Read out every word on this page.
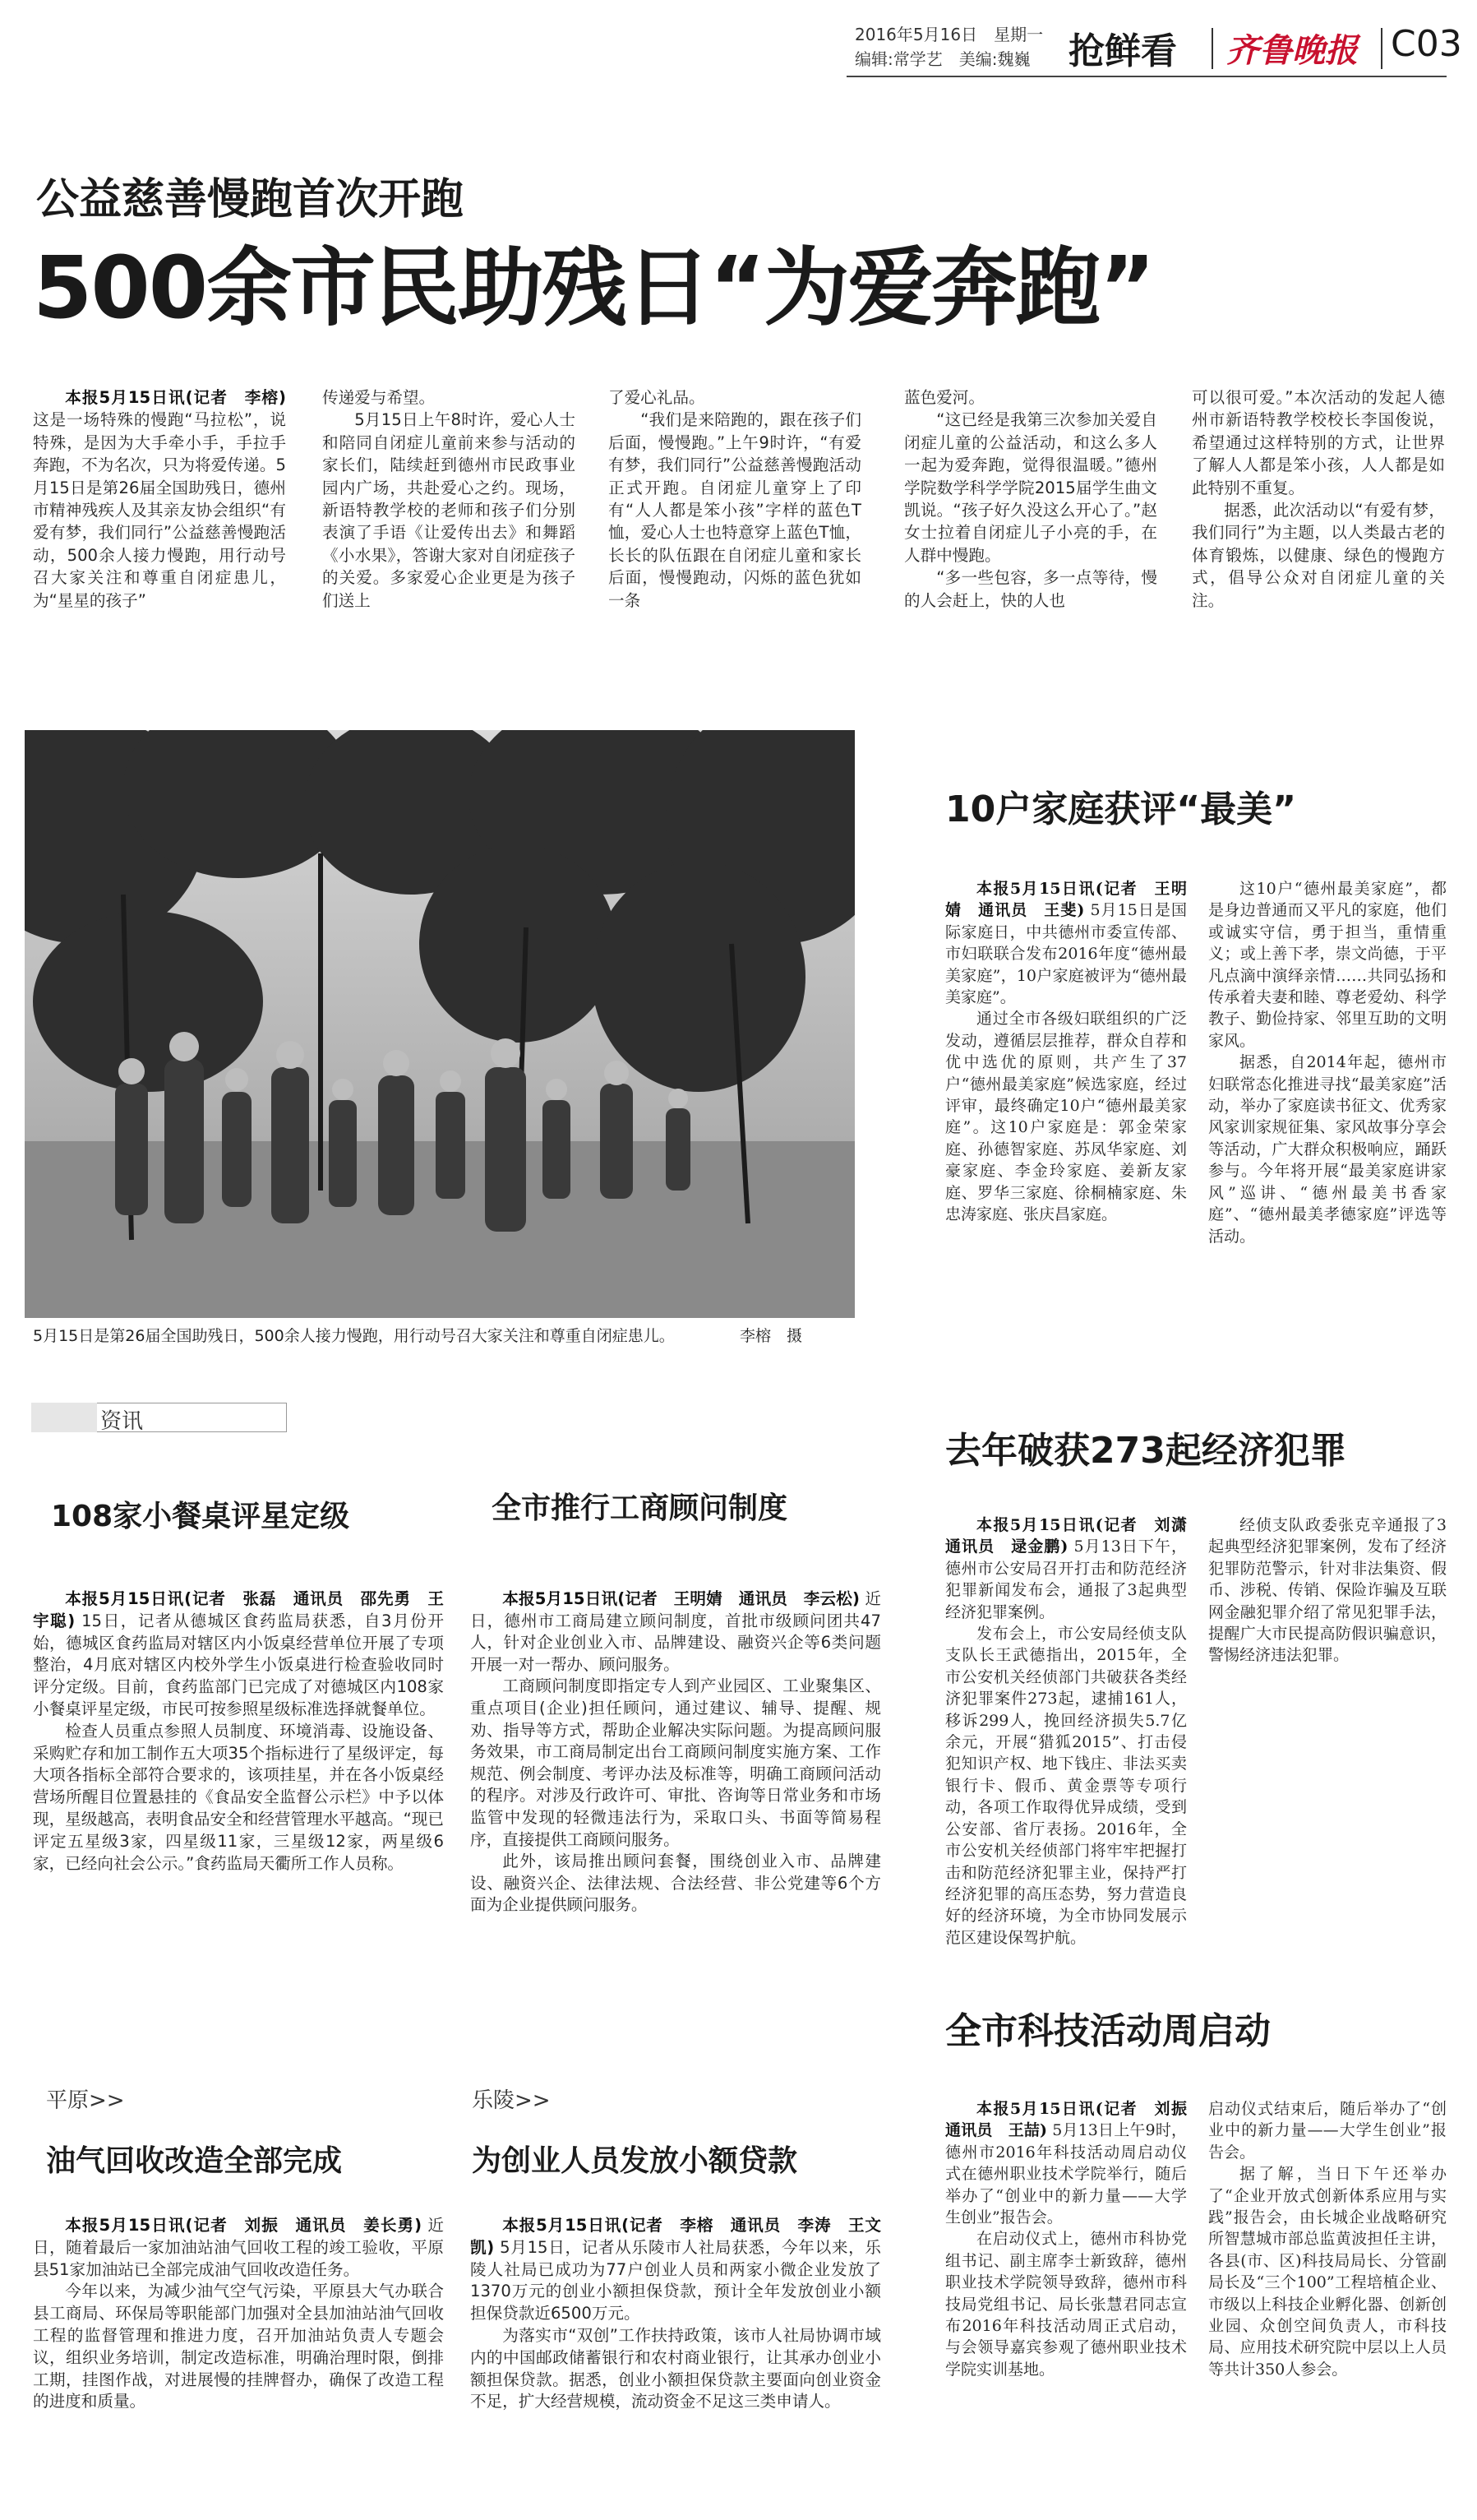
2016年5月16日　星期一
编辑:常学艺　美编:魏巍 抢鲜看 齐鲁晚报 C03
公益慈善慢跑首次开跑
500余市民助残日“为爱奔跑”

本报5月15日讯(记者　李榕)这是一场特殊的慢跑“马拉松”，说特殊，是因为大手牵小手，手拉手奔跑，不为名次，只为将爱传递。5月15日是第26届全国助残日，德州市精神残疾人及其亲友协会组织“有爱有梦，我们同行”公益慈善慢跑活动，500余人接力慢跑，用行动号召大家关注和尊重自闭症患儿，为“星星的孩子”

传递爱与希望。

5月15日上午8时许，爱心人士和陪同自闭症儿童前来参与活动的家长们，陆续赶到德州市民政事业园内广场，共赴爱心之约。现场，新语特教学校的老师和孩子们分别表演了手语《让爱传出去》和舞蹈《小水果》，答谢大家对自闭症孩子的关爱。多家爱心企业更是为孩子们送上

了爱心礼品。

“我们是来陪跑的，跟在孩子们后面，慢慢跑。”上午9时许，“有爱有梦，我们同行”公益慈善慢跑活动正式开跑。自闭症儿童穿上了印有“人人都是笨小孩”字样的蓝色T恤，爱心人士也特意穿上蓝色T恤，长长的队伍跟在自闭症儿童和家长后面，慢慢跑动，闪烁的蓝色犹如一条

蓝色爱河。

“这已经是我第三次参加关爱自闭症儿童的公益活动，和这么多人一起为爱奔跑，觉得很温暖。”德州学院数学科学学院2015届学生曲文凯说。“孩子好久没这么开心了。”赵女士拉着自闭症儿子小亮的手，在人群中慢跑。

“多一些包容，多一点等待，慢的人会赶上，快的人也

可以很可爱。”本次活动的发起人德州市新语特教学校校长李国俊说，希望通过这样特别的方式，让世界了解人人都是笨小孩，人人都是如此特别不重复。

据悉，此次活动以“有爱有梦，我们同行”为主题，以人类最古老的体育锻炼，以健康、绿色的慢跑方式，倡导公众对自闭症儿童的关注。

5月15日是第26届全国助残日，500余人接力慢跑，用行动号召大家关注和尊重自闭症患儿。	李榕　摄
10户家庭获评“最美”

本报5月15日讯(记者　王明婧　通讯员　王斐) 5月15日是国际家庭日，中共德州市委宣传部、市妇联联合发布2016年度“德州最美家庭”，10户家庭被评为“德州最美家庭”。

通过全市各级妇联组织的广泛发动，遵循层层推荐，群众自荐和优中选优的原则，共产生了37户“德州最美家庭”候选家庭，经过评审，最终确定10户“德州最美家庭”。这10户家庭是：郭金荣家庭、孙德智家庭、苏凤华家庭、刘豪家庭、李金玲家庭、姜新友家庭、罗华三家庭、徐桐楠家庭、朱忠涛家庭、张庆昌家庭。

这10户“德州最美家庭”，都是身边普通而又平凡的家庭，他们或诚实守信，勇于担当，重情重义；或上善下孝，崇文尚德，于平凡点滴中演绎亲情……共同弘扬和传承着夫妻和睦、尊老爱幼、科学教子、勤俭持家、邻里互助的文明家风。

据悉，自2014年起，德州市妇联常态化推进寻找“最美家庭”活动，举办了家庭读书征文、优秀家风家训家规征集、家风故事分享会等活动，广大群众积极响应，踊跃参与。今年将开展“最美家庭讲家风”巡讲、“德州最美书香家庭”、“德州最美孝德家庭”评选等活动。

资讯
108家小餐桌评星定级

本报5月15日讯(记者　张磊　通讯员　邵先勇　王宇聪) 15日，记者从德城区食药监局获悉，自3月份开始，德城区食药监局对辖区内小饭桌经营单位开展了专项整治，4月底对辖区内校外学生小饭桌进行检查验收同时评分定级。目前，食药监部门已完成了对德城区内108家小餐桌评星定级，市民可按参照星级标准选择就餐单位。

检查人员重点参照人员制度、环境消毒、设施设备、采购贮存和加工制作五大项35个指标进行了星级评定，每大项各指标全部符合要求的，该项挂星，并在各小饭桌经营场所醒目位置悬挂的《食品安全监督公示栏》中予以体现，星级越高，表明食品安全和经营管理水平越高。“现已评定五星级3家，四星级11家，三星级12家，两星级6家，已经向社会公示。”食药监局天衢所工作人员称。

全市推行工商顾问制度

本报5月15日讯(记者　王明婧　通讯员　李云松) 近日，德州市工商局建立顾问制度，首批市级顾问团共47人，针对企业创业入市、品牌建设、融资兴企等6类问题开展一对一帮办、顾问服务。

工商顾问制度即指定专人到产业园区、工业聚集区、重点项目(企业)担任顾问，通过建议、辅导、提醒、规劝、指导等方式，帮助企业解决实际问题。为提高顾问服务效果，市工商局制定出台工商顾问制度实施方案、工作规范、例会制度、考评办法及标准等，明确工商顾问活动的程序。对涉及行政许可、审批、咨询等日常业务和市场监管中发现的轻微违法行为，采取口头、书面等简易程序，直接提供工商顾问服务。

此外，该局推出顾问套餐，围绕创业入市、品牌建设、融资兴企、法律法规、合法经营、非公党建等6个方面为企业提供顾问服务。

去年破获273起经济犯罪

本报5月15日讯(记者　刘潇　通讯员　逯金鹏) 5月13日下午，德州市公安局召开打击和防范经济犯罪新闻发布会，通报了3起典型经济犯罪案例。

发布会上，市公安局经侦支队支队长王武德指出，2015年，全市公安机关经侦部门共破获各类经济犯罪案件273起，逮捕161人，移诉299人，挽回经济损失5.7亿余元，开展“猎狐2015”、打击侵犯知识产权、地下钱庄、非法买卖银行卡、假币、黄金票等专项行动，各项工作取得优异成绩，受到公安部、省厅表扬。2016年，全市公安机关经侦部门将牢牢把握打击和防范经济犯罪主业，保持严打经济犯罪的高压态势，努力营造良好的经济环境，为全市协同发展示范区建设保驾护航。

经侦支队政委张克辛通报了3起典型经济犯罪案例，发布了经济犯罪防范警示，针对非法集资、假币、涉税、传销、保险诈骗及互联网金融犯罪介绍了常见犯罪手法，提醒广大市民提高防假识骗意识，警惕经济违法犯罪。

全市科技活动周启动

本报5月15日讯(记者　刘振　通讯员　王喆) 5月13日上午9时，德州市2016年科技活动周启动仪式在德州职业技术学院举行，随后举办了“创业中的新力量——大学生创业”报告会。

在启动仪式上，德州市科协党组书记、副主席李士新致辞，德州职业技术学院领导致辞，德州市科技局党组书记、局长张慧君同志宣布2016年科技活动周正式启动，与会领导嘉宾参观了德州职业技术学院实训基地。

启动仪式结束后，随后举办了“创业中的新力量——大学生创业”报告会。

据了解，当日下午还举办了“企业开放式创新体系应用与实践”报告会，由长城企业战略研究所智慧城市部总监黄波担任主讲，各县(市、区)科技局局长、分管副局长及“三个100”工程培植企业、市级以上科技企业孵化器、创新创业园、众创空间负责人，市科技局、应用技术研究院中层以上人员等共计350人参会。

平原>>
油气回收改造全部完成

本报5月15日讯(记者　刘振　通讯员　姜长勇) 近日，随着最后一家加油站油气回收工程的竣工验收，平原县51家加油站已全部完成油气回收改造任务。

今年以来，为减少油气空气污染，平原县大气办联合县工商局、环保局等职能部门加强对全县加油站油气回收工程的监督管理和推进力度，召开加油站负责人专题会议，组织业务培训，制定改造标准，明确治理时限，倒排工期，挂图作战，对进展慢的挂牌督办，确保了改造工程的进度和质量。

乐陵>>
为创业人员发放小额贷款

本报5月15日讯(记者　李榕　通讯员　李涛　王文凯) 5月15日，记者从乐陵市人社局获悉，今年以来，乐陵人社局已成功为77户创业人员和两家小微企业发放了1370万元的创业小额担保贷款，预计全年发放创业小额担保贷款近6500万元。

为落实市“双创”工作扶持政策，该市人社局协调市域内的中国邮政储蓄银行和农村商业银行，让其承办创业小额担保贷款。据悉，创业小额担保贷款主要面向创业资金不足，扩大经营规模，流动资金不足这三类申请人。
